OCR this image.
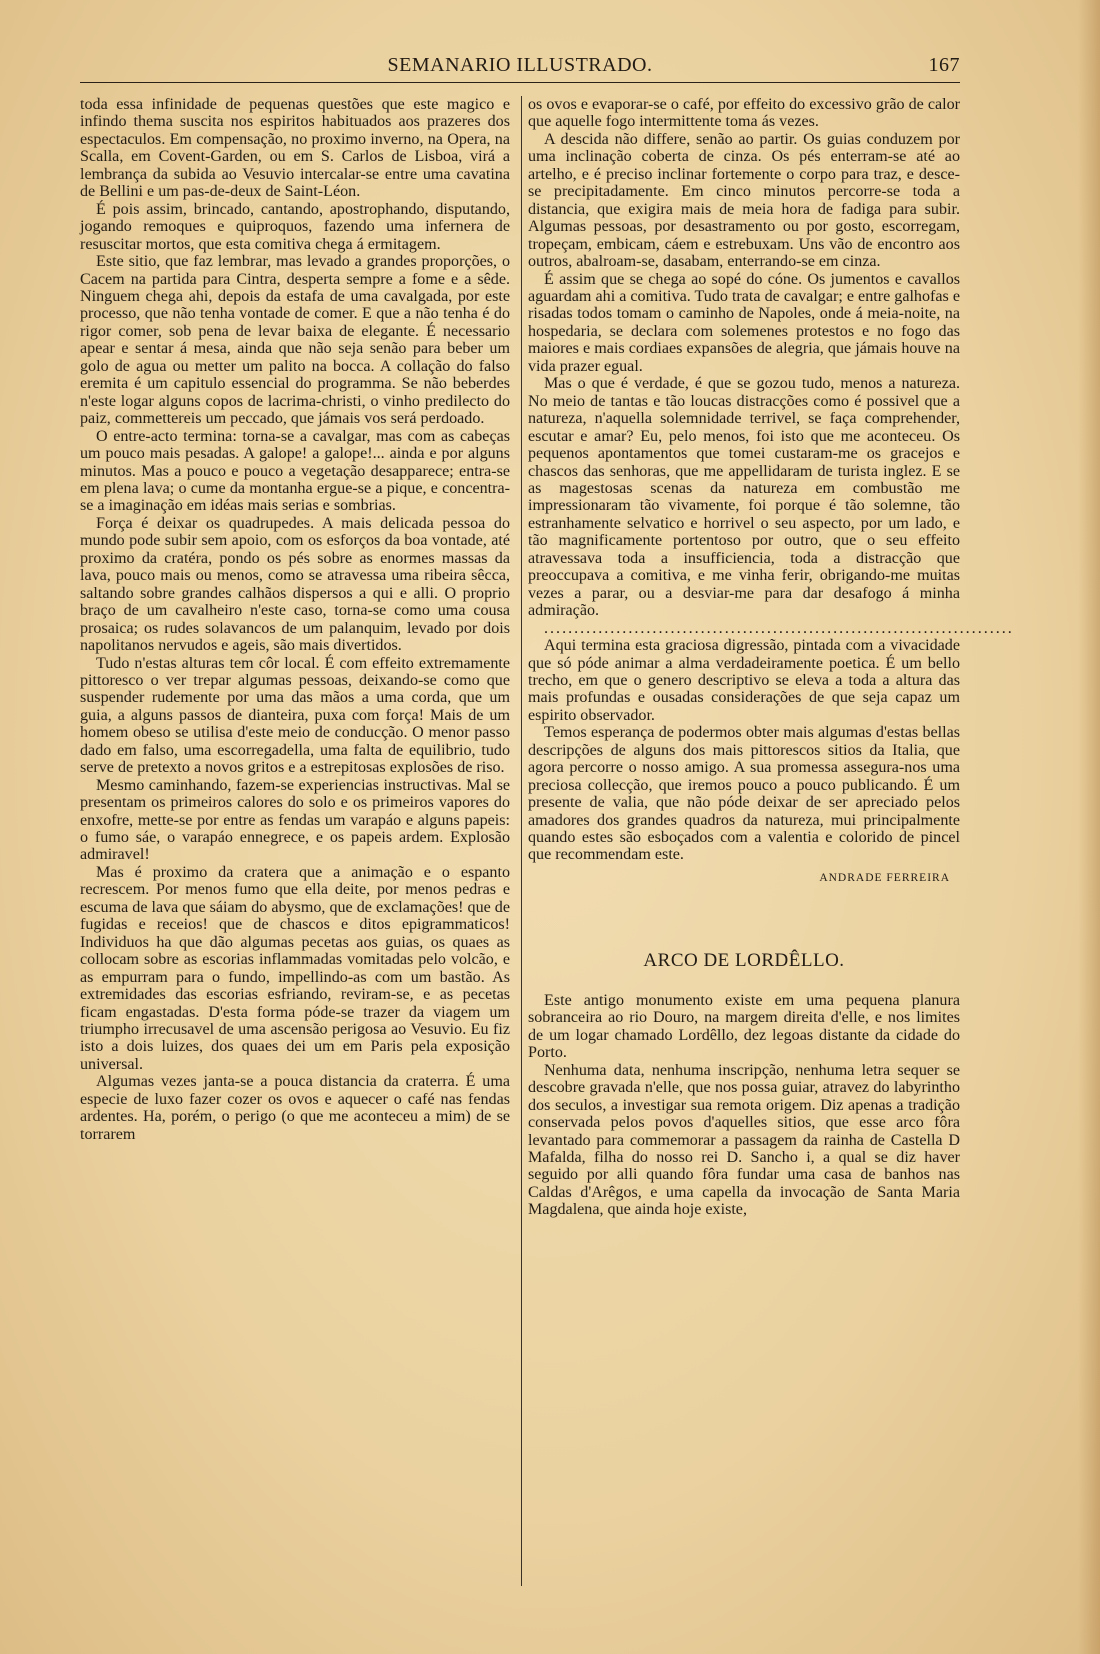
SEMANARIO ILLUSTRADO.	167

toda essa infinidade de pequenas questões que este magico e infindo thema suscita nos espiritos habituados aos prazeres dos espectaculos. Em compensação, no proximo inverno, na Opera, na Scalla, em Covent-Garden, ou em S. Carlos de Lisboa, virá a lembrança da subida ao Vesuvio intercalar-se entre uma cavatina de Bellini e um pas-de-deux de Saint-Léon.

É pois assim, brincado, cantando, apostrophando, disputando, jogando remoques e quiproquos, fazendo uma infernera de resuscitar mortos, que esta comitiva chega á ermitagem.

Este sitio, que faz lembrar, mas levado a grandes proporções, o Cacem na partida para Cintra, desperta sempre a fome e a sêde. Ninguem chega ahi, depois da estafa de uma cavalgada, por este processo, que não tenha vontade de comer. E que a não tenha é do rigor comer, sob pena de levar baixa de elegante. É necessario apear e sentar á mesa, ainda que não seja senão para beber um golo de agua ou metter um palito na bocca. A collação do falso eremita é um capitulo essencial do programma. Se não beberdes n'este logar alguns copos de lacrima-christi, o vinho predilecto do paiz, commettereis um peccado, que jámais vos será perdoado.

O entre-acto termina: torna-se a cavalgar, mas com as cabeças um pouco mais pesadas. A galope! a galope!... ainda e por alguns minutos. Mas a pouco e pouco a vegetação desapparece; entra-se em plena lava; o cume da montanha ergue-se a pique, e concentra-se a imaginação em idéas mais serias e sombrias.

Força é deixar os quadrupedes. A mais delicada pessoa do mundo pode subir sem apoio, com os esforços da boa vontade, até proximo da cratéra, pondo os pés sobre as enormes massas da lava, pouco mais ou menos, como se atravessa uma ribeira sêcca, saltando sobre grandes calhãos dispersos a qui e alli. O proprio braço de um cavalheiro n'este caso, torna-se como uma cousa prosaica; os rudes solavancos de um palanquim, levado por dois napolitanos nervudos e ageis, são mais divertidos.

Tudo n'estas alturas tem côr local. É com effeito extremamente pittoresco o ver trepar algumas pessoas, deixando-se como que suspender rudemente por uma das mãos a uma corda, que um guia, a alguns passos de dianteira, puxa com força! Mais de um homem obeso se utilisa d'este meio de conducção. O menor passo dado em falso, uma escorregadella, uma falta de equilibrio, tudo serve de pretexto a novos gritos e a estrepitosas explosões de riso.

Mesmo caminhando, fazem-se experiencias instructivas. Mal se presentam os primeiros calores do solo e os primeiros vapores do enxofre, mette-se por entre as fendas um varapáo e alguns papeis: o fumo sáe, o varapáo ennegrece, e os papeis ardem. Explosão admiravel!

Mas é proximo da cratera que a animação e o espanto recrescem. Por menos fumo que ella deite, por menos pedras e escuma de lava que sáiam do abysmo, que de exclamações! que de fugidas e receios! que de chascos e ditos epigrammaticos! Individuos ha que dão algumas pecetas aos guias, os quaes as collocam sobre as escorias inflammadas vomitadas pelo volcão, e as empurram para o fundo, impellindo-as com um bastão. As extremidades das escorias esfriando, reviram-se, e as pecetas ficam engastadas. D'esta forma póde-se trazer da viagem um triumpho irrecusavel de uma ascensão perigosa ao Vesuvio. Eu fiz isto a dois luizes, dos quaes dei um em Paris pela exposição universal.

Algumas vezes janta-se a pouca distancia da craterra. É uma especie de luxo fazer cozer os ovos e aquecer o café nas fendas ardentes. Ha, porém, o perigo (o que me aconteceu a mim) de se torrarem

os ovos e evaporar-se o café, por effeito do excessivo grão de calor que aquelle fogo intermittente toma ás vezes.

A descida não differe, senão ao partir. Os guias conduzem por uma inclinação coberta de cinza. Os pés enterram-se até ao artelho, e é preciso inclinar fortemente o corpo para traz, e desce-se precipitadamente. Em cinco minutos percorre-se toda a distancia, que exigira mais de meia hora de fadiga para subir. Algumas pessoas, por desastramento ou por gosto, escorregam, tropeçam, embicam, cáem e estrebuxam. Uns vão de encontro aos outros, abalroam-se, dasabam, enterrando-se em cinza.

É assim que se chega ao sopé do cóne. Os jumentos e cavallos aguardam ahi a comitiva. Tudo trata de cavalgar; e entre galhofas e risadas todos tomam o caminho de Napoles, onde á meia-noite, na hospedaria, se declara com solemenes protestos e no fogo das maiores e mais cordiaes expansões de alegria, que jámais houve na vida prazer egual.

Mas o que é verdade, é que se gozou tudo, menos a natureza. No meio de tantas e tão loucas distracções como é possivel que a natureza, n'aquella solemnidade terrivel, se faça comprehender, escutar e amar? Eu, pelo menos, foi isto que me aconteceu. Os pequenos apontamentos que tomei custaram-me os gracejos e chascos das senhoras, que me appellidaram de turista inglez. E se as magestosas scenas da natureza em combustão me impressionaram tão vivamente, foi porque é tão solemne, tão estranhamente selvatico e horrivel o seu aspecto, por um lado, e tão magnificamente portentoso por outro, que o seu effeito atravessava toda a insufficiencia, toda a distracção que preoccupava a comitiva, e me vinha ferir, obrigando-me muitas vezes a parar, ou a desviar-me para dar desafogo á minha admiração.

..............................................................................

Aqui termina esta graciosa digressão, pintada com a vivacidade que só póde animar a alma verdadeiramente poetica. É um bello trecho, em que o genero descriptivo se eleva a toda a altura das mais profundas e ousadas considerações de que seja capaz um espirito observador.

Temos esperança de podermos obter mais algumas d'estas bellas descripções de alguns dos mais pittorescos sitios da Italia, que agora percorre o nosso amigo. A sua promessa assegura-nos uma preciosa collecção, que iremos pouco a pouco publicando. É um presente de valia, que não póde deixar de ser apreciado pelos amadores dos grandes quadros da natureza, mui principalmente quando estes são esboçados com a valentia e colorido de pincel que recommendam este.

ANDRADE FERREIRA
ARCO DE LORDÊLLO.

Este antigo monumento existe em uma pequena planura sobranceira ao rio Douro, na margem direita d'elle, e nos limites de um logar chamado Lordêllo, dez legoas distante da cidade do Porto.

Nenhuma data, nenhuma inscripção, nenhuma letra sequer se descobre gravada n'elle, que nos possa guiar, atravez do labyrintho dos seculos, a investigar sua remota origem. Diz apenas a tradição conservada pelos povos d'aquelles sitios, que esse arco fôra levantado para commemorar a passagem da rainha de Castella D Mafalda, filha do nosso rei D. Sancho i, a qual se diz haver seguido por alli quando fôra fundar uma casa de banhos nas Caldas d'Arêgos, e uma capella da invocação de Santa Maria Magdalena, que ainda hoje existe,
